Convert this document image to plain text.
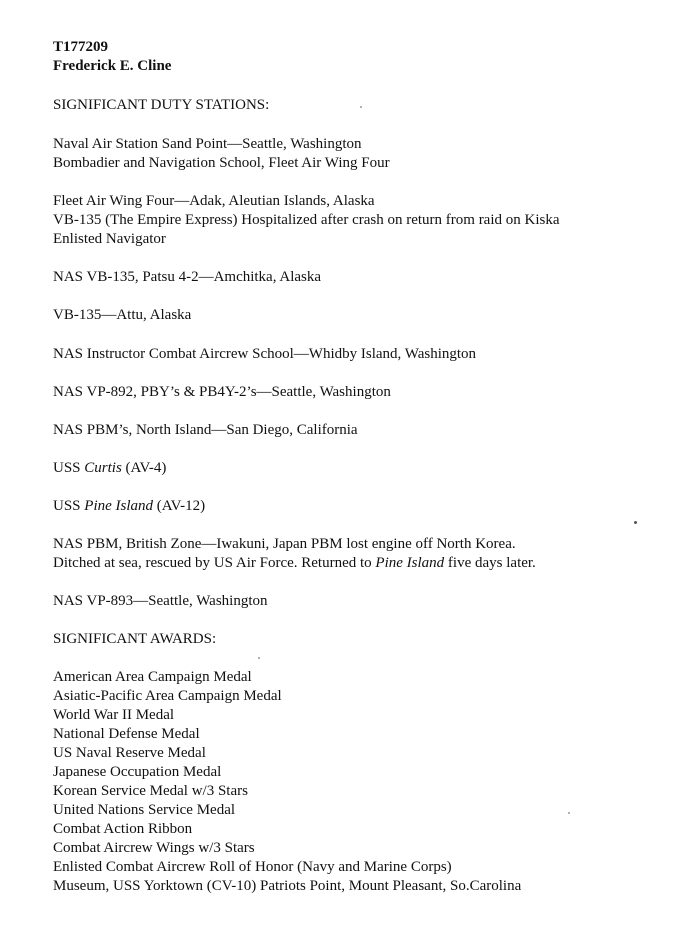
T177209

Frederick E. Cline

SIGNIFICANT DUTY STATIONS:

Naval Air Station Sand Point—Seattle, Washington

Bombadier and Navigation School, Fleet Air Wing Four

Fleet Air Wing Four—Adak, Aleutian Islands, Alaska

VB-135 (The Empire Express) Hospitalized after crash on return from raid on Kiska

Enlisted Navigator

NAS VB-135, Patsu 4-2—Amchitka, Alaska

VB-135—Attu, Alaska

NAS Instructor Combat Aircrew School—Whidby Island, Washington

NAS VP-892, PBY’s & PB4Y-2’s—Seattle, Washington

NAS PBM’s, North Island—San Diego, California

USS Curtis (AV-4)

USS Pine Island (AV-12)

NAS PBM, British Zone—Iwakuni, Japan PBM lost engine off North Korea.

Ditched at sea, rescued by US Air Force. Returned to Pine Island five days later.

NAS VP-893—Seattle, Washington

SIGNIFICANT AWARDS:

American Area Campaign Medal

Asiatic-Pacific Area Campaign Medal

World War II Medal

National Defense Medal

US Naval Reserve Medal

Japanese Occupation Medal

Korean Service Medal w/3 Stars

United Nations Service Medal

Combat Action Ribbon

Combat Aircrew Wings w/3 Stars

Enlisted Combat Aircrew Roll of Honor (Navy and Marine Corps)

Museum, USS Yorktown (CV-10) Patriots Point, Mount Pleasant, So.Carolina
